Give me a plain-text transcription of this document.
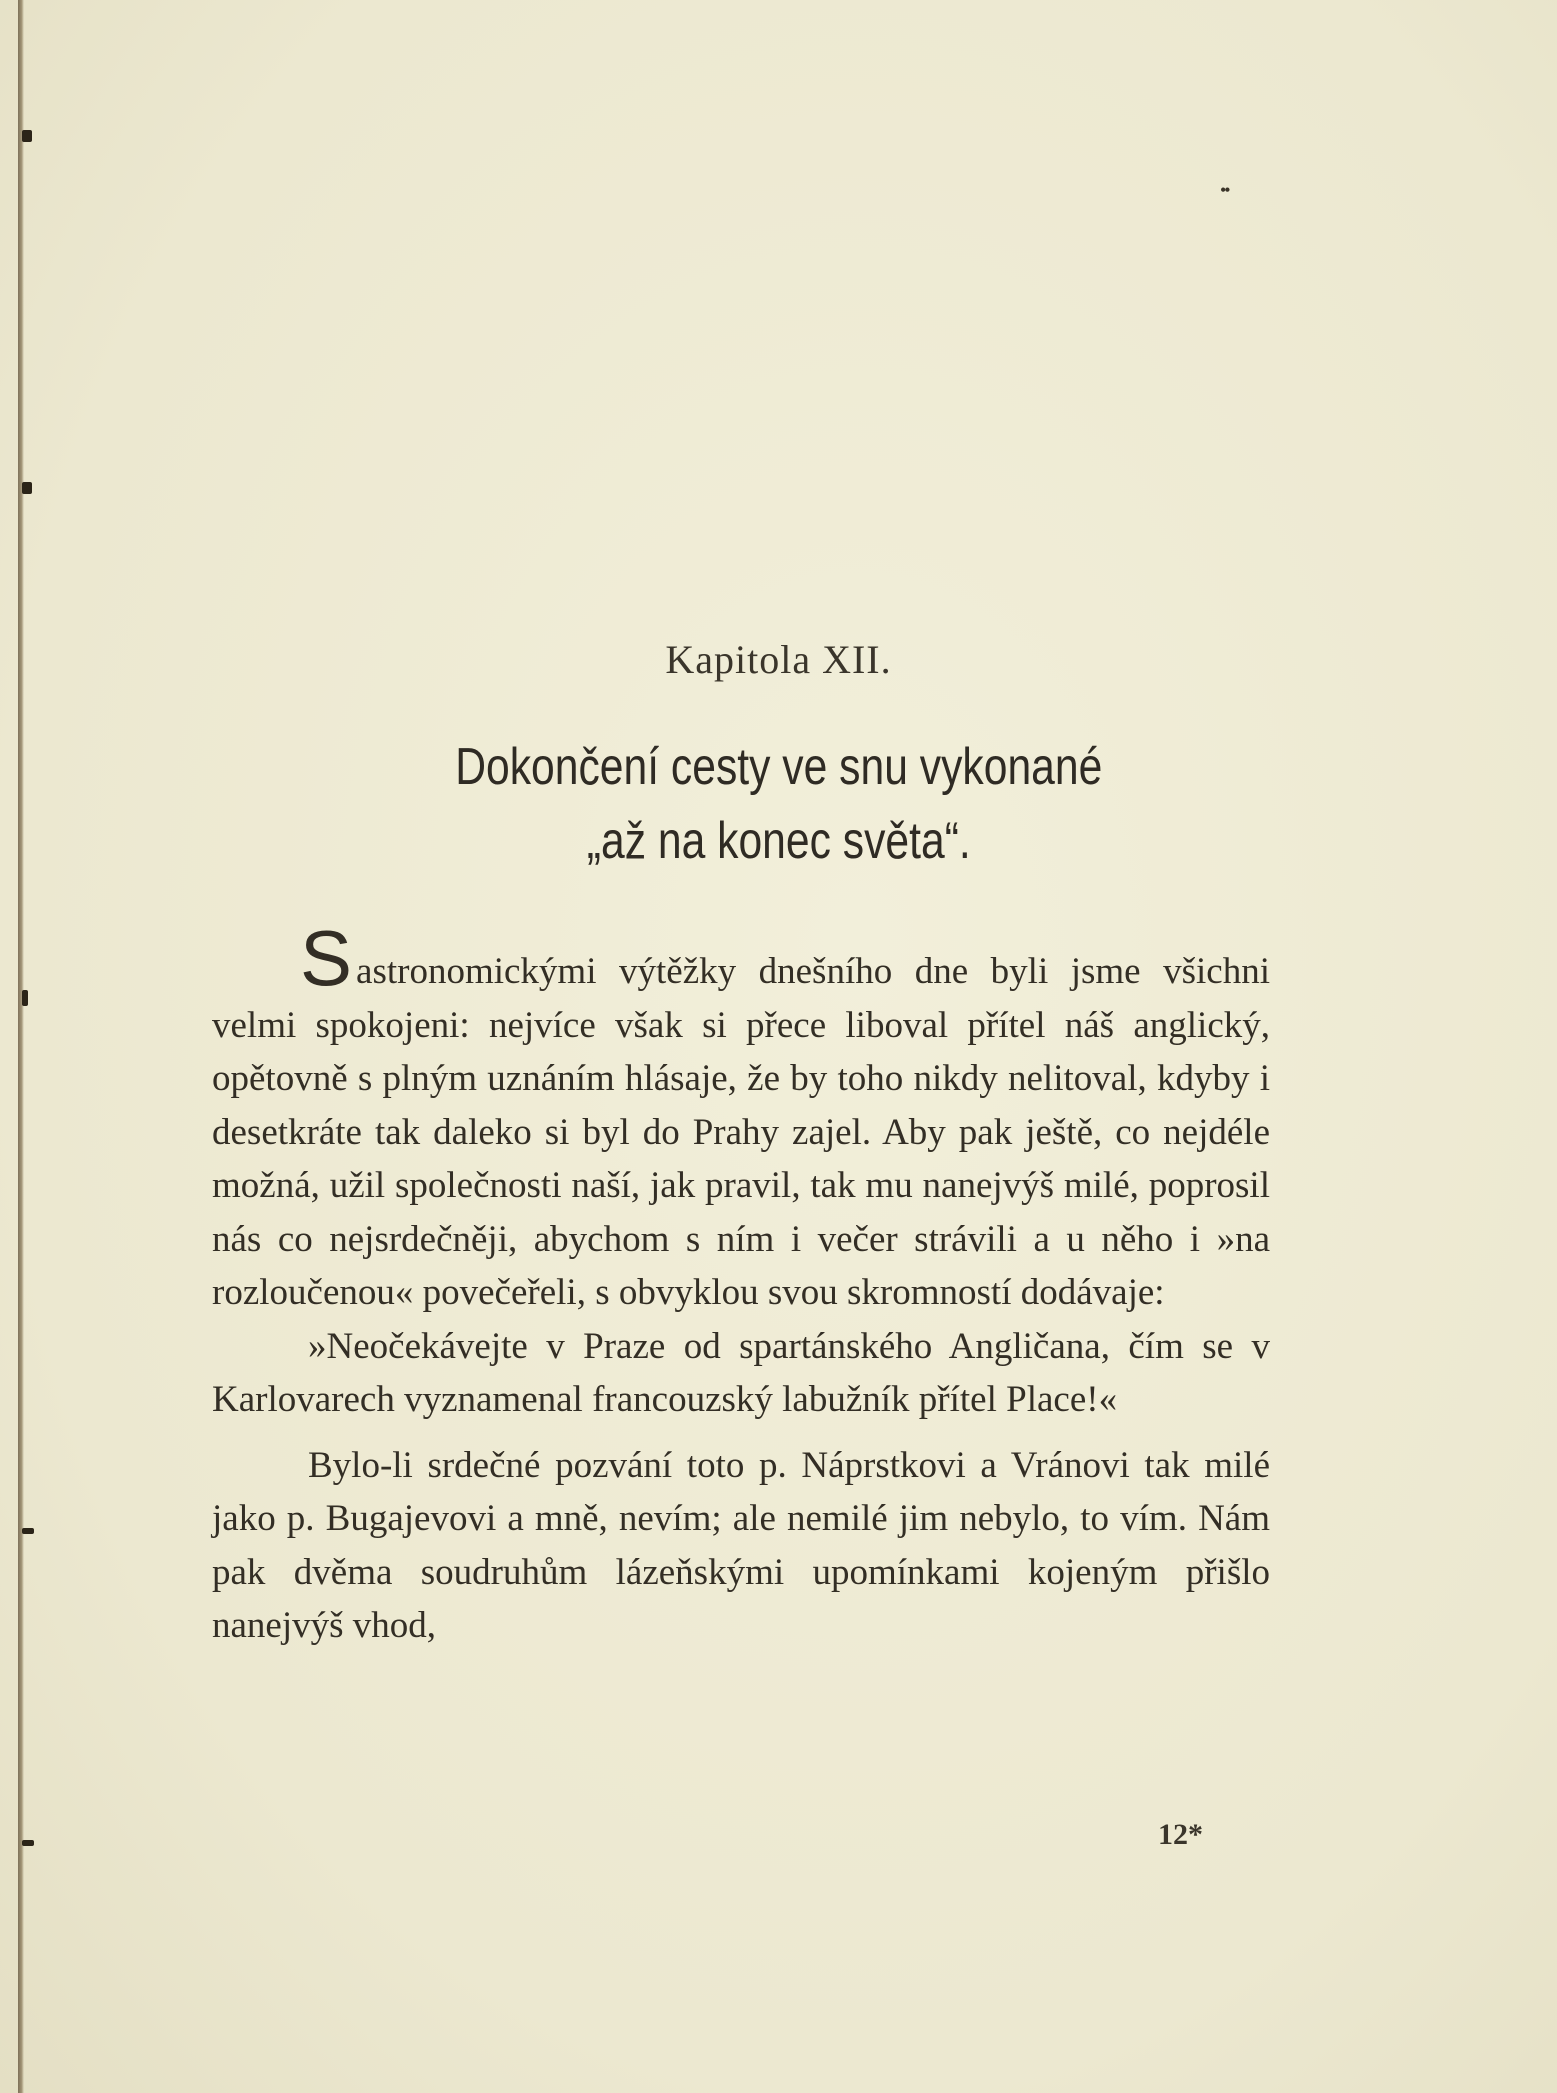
••
Kapitola XII.
Dokončení cesty ve snu vykonané
„až na konec světa“.

Sastronomickými výtěžky dnešního dne byli jsme všichni velmi spokojeni: nejvíce však si přece liboval přítel náš anglický, opětovně s plným uznáním hlásaje, že by toho nikdy nelitoval, kdyby i desetkráte tak daleko si byl do Prahy zajel. Aby pak ještě, co nejdéle možná, užil společnosti naší, jak pravil, tak mu nanejvýš milé, poprosil nás co nejsrdečněji, abychom s ním i večer strávili a u něho i »na rozloučenou« povečeřeli, s obvyklou svou skromností dodávaje:

»Neočekávejte v Praze od spartánského Angličana, čím se v Karlovarech vyznamenal francouzský labužník přítel Place!«

Bylo-li srdečné pozvání toto p. Náprstkovi a Vránovi tak milé jako p. Bugajevovi a mně, nevím; ale nemilé jim nebylo, to vím. Nám pak dvěma soudruhům lázeňskými upomínkami kojeným přišlo nanejvýš vhod,

12*
